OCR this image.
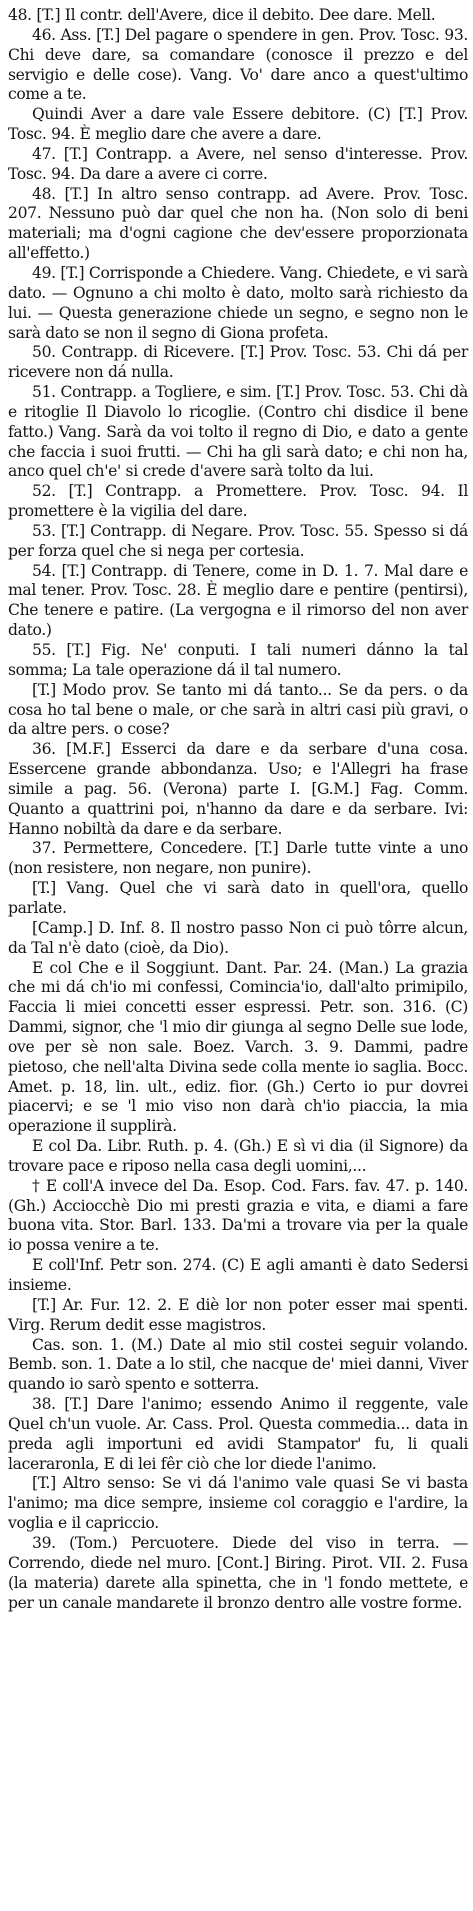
48. [T.] Il contr. dell'Avere, dice il debito. Dee dare. Mell.

46. Ass. [T.] Del pagare o spendere in gen. Prov. Tosc. 93. Chi deve dare, sa comandare (conosce il prezzo e del servigio e delle cose). Vang. Vo' dare anco a quest'ultimo come a te.

Quindi Aver a dare vale Essere debitore. (C) [T.] Prov. Tosc. 94. È meglio dare che avere a dare.

47. [T.] Contrapp. a Avere, nel senso d'interesse. Prov. Tosc. 94. Da dare a avere ci corre.

48. [T.] In altro senso contrapp. ad Avere. Prov. Tosc. 207. Nessuno può dar quel che non ha. (Non solo di beni materiali; ma d'ogni cagione che dev'essere proporzionata all'effetto.)

49. [T.] Corrisponde a Chiedere. Vang. Chiedete, e vi sarà dato. — Ognuno a chi molto è dato, molto sarà richiesto da lui. — Questa generazione chiede un segno, e segno non le sarà dato se non il segno di Giona profeta.

50. Contrapp. di Ricevere. [T.] Prov. Tosc. 53. Chi dá per ricevere non dá nulla.

51. Contrapp. a Togliere, e sim. [T.] Prov. Tosc. 53. Chi dà e ritoglie Il Diavolo lo ricoglie. (Contro chi disdice il bene fatto.) Vang. Sarà da voi tolto il regno di Dio, e dato a gente che faccia i suoi frutti. — Chi ha gli sarà dato; e chi non ha, anco quel ch'e' si crede d'avere sarà tolto da lui.

52. [T.] Contrapp. a Promettere. Prov. Tosc. 94. Il promettere è la vigilia del dare.

53. [T.] Contrapp. di Negare. Prov. Tosc. 55. Spesso si dá per forza quel che si nega per cortesia.

54. [T.] Contrapp. di Tenere, come in D. 1. 7. Mal dare e mal tener. Prov. Tosc. 28. È meglio dare e pentire (pentirsi), Che tenere e patire. (La vergogna e il rimorso del non aver dato.)

55. [T.] Fig. Ne' conputi. I tali numeri dánno la tal somma; La tale operazione dá il tal numero.

[T.] Modo prov. Se tanto mi dá tanto... Se da pers. o da cosa ho tal bene o male, or che sarà in altri casi più gravi, o da altre pers. o cose?

36. [M.F.] Esserci da dare e da serbare d'una cosa. Essercene grande abbondanza. Uso; e l'Allegri ha frase simile a pag. 56. (Verona) parte I. [G.M.] Fag. Comm. Quanto a quattrini poi, n'hanno da dare e da serbare. Ivi: Hanno nobiltà da dare e da serbare.

37. Permettere, Concedere. [T.] Darle tutte vinte a uno (non resistere, non negare, non punire).

[T.] Vang. Quel che vi sarà dato in quell'ora, quello parlate.

[Camp.] D. Inf. 8. Il nostro passo Non ci può tôrre alcun, da Tal n'è dato (cioè, da Dio).

E col Che e il Soggiunt. Dant. Par. 24. (Man.) La grazia che mi dá ch'io mi confessi, Comincia'io, dall'alto primipilo, Faccia li miei concetti esser espressi. Petr. son. 316. (C) Dammi, signor, che 'l mio dir giunga al segno Delle sue lode, ove per sè non sale. Boez. Varch. 3. 9. Dammi, padre pietoso, che nell'alta Divina sede colla mente io saglia. Bocc. Amet. p. 18, lin. ult., ediz. fior. (Gh.) Certo io pur dovrei piacervi; e se 'l mio viso non darà ch'io piaccia, la mia operazione il supplirà.

E col Da. Libr. Ruth. p. 4. (Gh.) E sì vi dia (il Signore) da trovare pace e riposo nella casa degli uomini,...

† E coll'A invece del Da. Esop. Cod. Fars. fav. 47. p. 140. (Gh.) Acciocchè Dio mi presti grazia e vita, e diami a fare buona vita. Stor. Barl. 133. Da'mi a trovare via per la quale io possa venire a te.

E coll'Inf. Petr son. 274. (C) E agli amanti è dato Sedersi insieme.

[T.] Ar. Fur. 12. 2. E diè lor non poter esser mai spenti. Virg. Rerum dedit esse magistros.

Cas. son. 1. (M.) Date al mio stil costei seguir volando. Bemb. son. 1. Date a lo stil, che nacque de' miei danni, Viver quando io sarò spento e sotterra.

38. [T.] Dare l'animo; essendo Animo il reggente, vale Quel ch'un vuole. Ar. Cass. Prol. Questa commedia... data in preda agli importuni ed avidi Stampator' fu, li quali laceraronla, E di lei fêr ciò che lor diede l'animo.

[T.] Altro senso: Se vi dá l'animo vale quasi Se vi basta l'animo; ma dice sempre, insieme col coraggio e l'ardire, la voglia e il capriccio.

39. (Tom.) Percuotere. Diede del viso in terra. — Correndo, diede nel muro. [Cont.] Biring. Pirot. VII. 2. Fusa (la materia) darete alla spinetta, che in 'l fondo mettete, e per un canale mandarete il bronzo dentro alle vostre forme.
